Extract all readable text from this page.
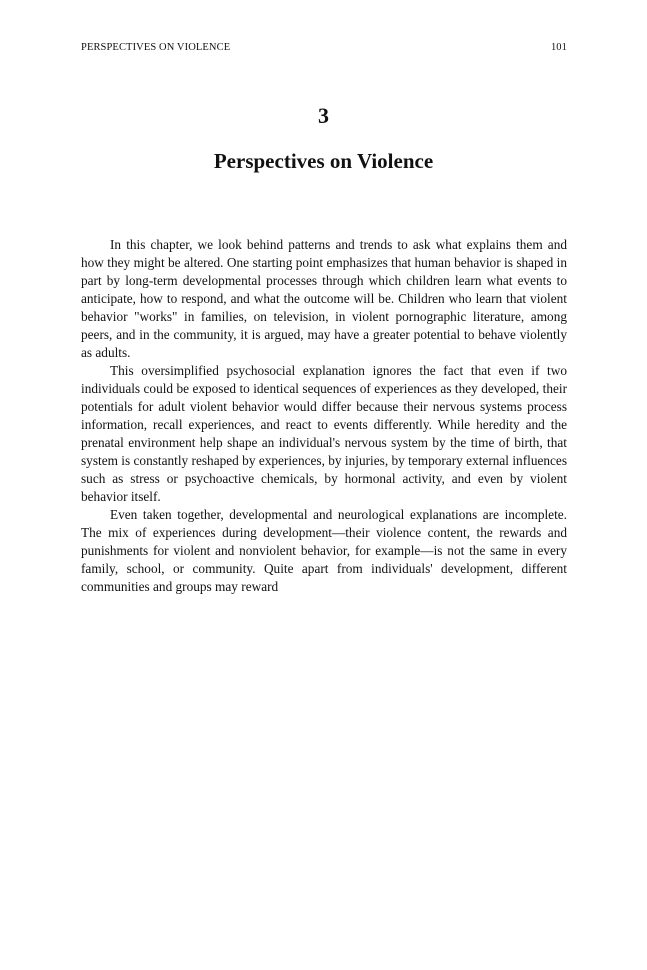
PERSPECTIVES ON VIOLENCE	101
3
Perspectives on Violence

In this chapter, we look behind patterns and trends to ask what explains them and how they might be altered. One starting point emphasizes that human behavior is shaped in part by long-term developmental processes through which children learn what events to anticipate, how to respond, and what the outcome will be. Children who learn that violent behavior "works" in families, on television, in violent pornographic literature, among peers, and in the community, it is argued, may have a greater potential to behave violently as adults.

This oversimplified psychosocial explanation ignores the fact that even if two individuals could be exposed to identical sequences of experiences as they developed, their potentials for adult violent behavior would differ because their nervous systems process information, recall experiences, and react to events differently. While heredity and the prenatal environment help shape an individual's nervous system by the time of birth, that system is constantly reshaped by experiences, by injuries, by temporary external influences such as stress or psychoactive chemicals, by hormonal activity, and even by violent behavior itself.

Even taken together, developmental and neurological explanations are incomplete. The mix of experiences during development—their violence content, the rewards and punishments for violent and nonviolent behavior, for example—is not the same in every family, school, or community. Quite apart from individuals' development, different communities and groups may reward
